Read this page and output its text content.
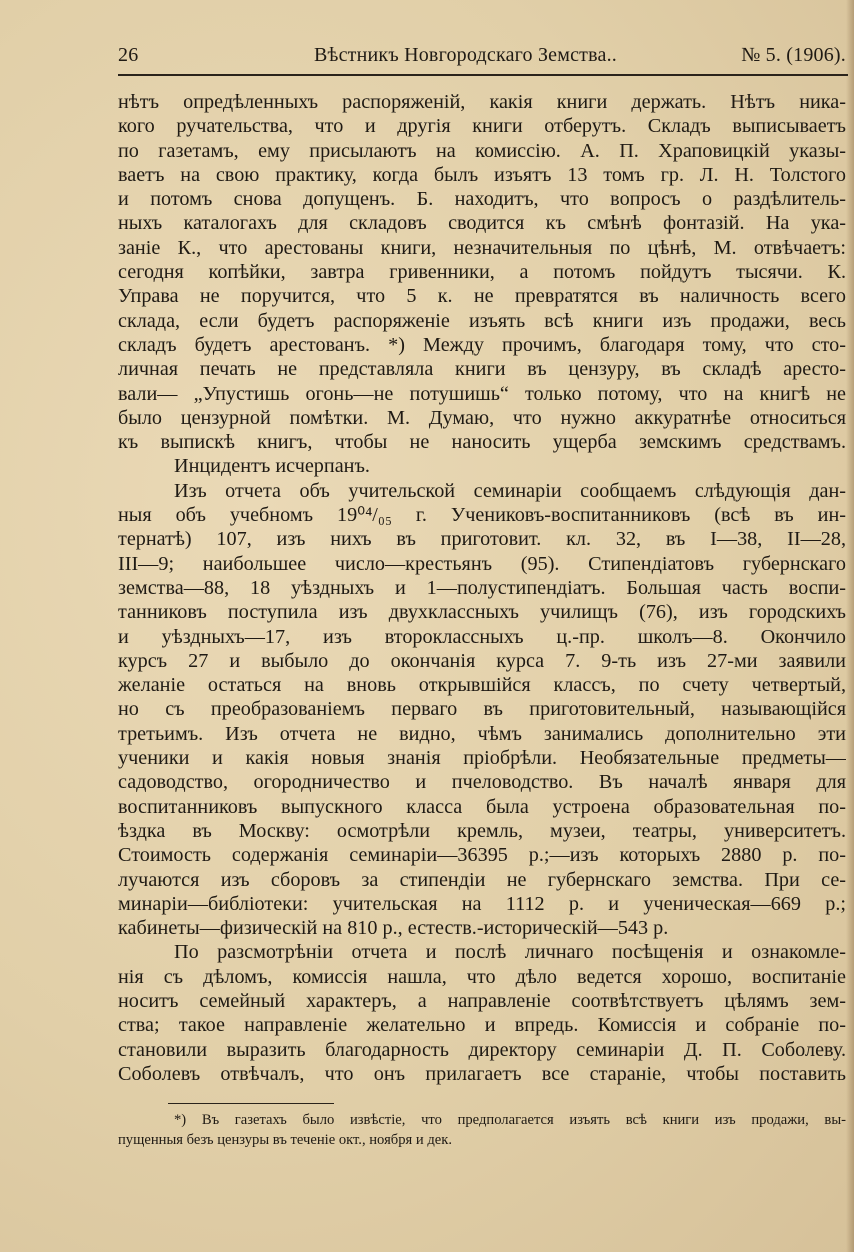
26	Вѣстникъ Новгородскаго Земства..	№ 5. (1906).
нѣтъ опредѣленныхъ распоряженій, какія книги держать. Нѣтъ ника-
кого ручательства, что и другія книги отберутъ. Складъ выписываетъ
по газетамъ, ему присылаютъ на комиссію. А. П. Храповицкій указы-
ваетъ на свою практику, когда былъ изъятъ 13 томъ гр. Л. Н. Толстого
и потомъ снова допущенъ. Б. находитъ, что вопросъ о раздѣлитель-
ныхъ каталогахъ для складовъ сводится къ смѣнѣ фонтазій. На ука-
заніе К., что арестованы книги, незначительныя по цѣнѣ, М. отвѣчаетъ:
сегодня копѣйки, завтра гривенники, а потомъ пойдутъ тысячи. К.
Управа не поручится, что 5 к. не превратятся въ наличность всего
склада, если будетъ распоряженіе изъять всѣ книги изъ продажи, весь
складъ будетъ арестованъ. *) Между прочимъ, благодаря тому, что сто-
личная печать не представляла книги въ цензуру, въ складѣ аресто-
вали— „Упустишь огонь—не потушишь“ только потому, что на книгѣ не
было цензурной помѣтки. М. Думаю, что нужно аккуратнѣе относиться
къ выпискѣ книгъ, чтобы не наносить ущерба земскимъ средствамъ.
Инцидентъ исчерпанъ.
Изъ отчета объ учительской семинаріи сообщаемъ слѣдующія дан-
ныя объ учебномъ 19⁰⁴/₀₅ г. Учениковъ-воспитанниковъ (всѣ въ ин-
тернатѣ) 107, изъ нихъ въ приготовит. кл. 32, въ I—38, II—28,
III—9; наибольшее число—крестьянъ (95). Стипендіатовъ губернскаго
земства—88, 18 уѣздныхъ и 1—полустипендіатъ. Большая часть воспи-
танниковъ поступила изъ двухклассныхъ училищъ (76), изъ городскихъ
и уѣздныхъ—17, изъ второклассныхъ ц.-пр. школъ—8. Окончило
курсъ 27 и выбыло до окончанія курса 7. 9-ть изъ 27-ми заявили
желаніе остаться на вновь открывшійся классъ, по счету четвертый,
но съ преобразованіемъ перваго въ приготовительный, называющійся
третьимъ. Изъ отчета не видно, чѣмъ занимались дополнительно эти
ученики и какія новыя знанія пріобрѣли. Необязательные предметы—
садоводство, огородничество и пчеловодство. Въ началѣ января для
воспитанниковъ выпускного класса была устроена образовательная по-
ѣздка въ Москву: осмотрѣли кремль, музеи, театры, университетъ.
Стоимость содержанія семинаріи—36395 р.;—изъ которыхъ 2880 р. по-
лучаются изъ сборовъ за стипендіи не губернскаго земства. При се-
минаріи—библіотеки: учительская на 1112 р. и ученическая—669 р.;
кабинеты—физическій на 810 р., естеств.-историческій—543 р.
По разсмотрѣніи отчета и послѣ личнаго посѣщенія и ознакомле-
нія съ дѣломъ, комиссія нашла, что дѣло ведется хорошо, воспитаніе
носитъ семейный характеръ, а направленіе соотвѣтствуетъ цѣлямъ зем-
ства; такое направленіе желательно и впредь. Комиссія и собраніе по-
становили выразить благодарность директору семинаріи Д. П. Соболеву.
Соболевъ отвѣчалъ, что онъ прилагаетъ все стараніе, чтобы поставить
*) Въ газетахъ было извѣстіе, что предполагается изъять всѣ книги изъ продажи, вы-
пущенныя безъ цензуры въ теченіе окт., ноября и дек.
